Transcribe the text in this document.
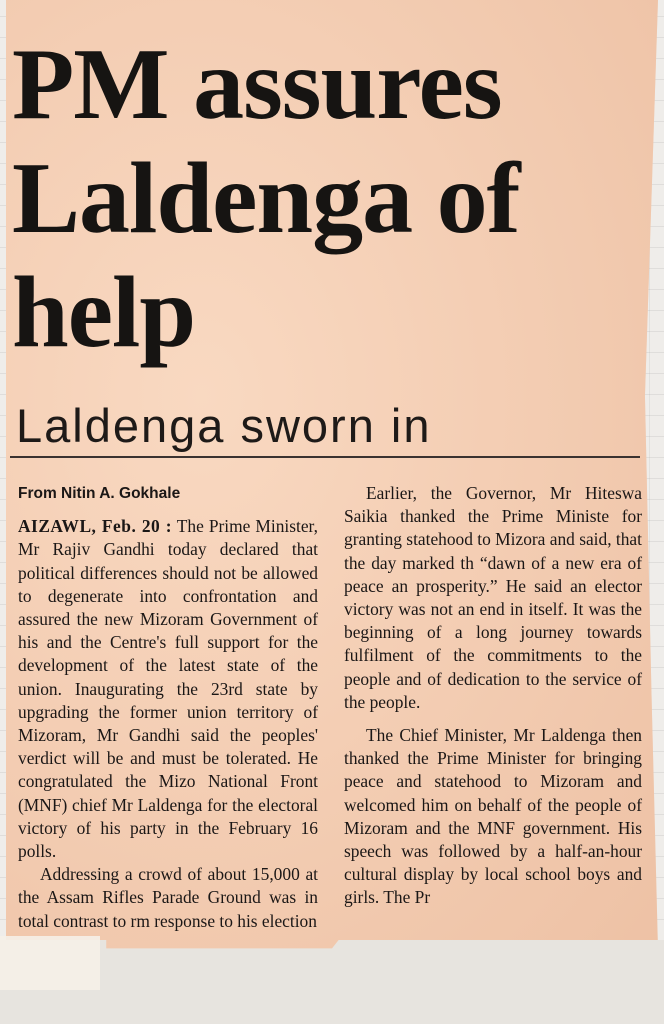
PM assures Laldenga of help
Laldenga sworn in

From Nitin A. Gokhale

AIZAWL, Feb. 20 : The Prime Minister, Mr Rajiv Gandhi today declared that political differences should not be allowed to degenerate into confrontation and assured the new Mizoram Government of his and the Centre's full support for the development of the latest state of the union. Inaugurating the 23rd state by upgrading the former union territory of Mizoram, Mr Gandhi said the peoples' verdict will be and must be tolerated. He congratulated the Mizo National Front (MNF) chief Mr Laldenga for the electoral victory of his party in the February 16 polls.

Addressing a crowd of about 15,000 at the Assam Rifles Parade Ground was in total contrast to rm response to his election

Earlier, the Governor, Mr Hiteswa Saikia thanked the Prime Ministe for granting statehood to Mizora and said, that the day marked th “dawn of a new era of peace an prosperity.” He said an elector victory was not an end in itself. It was the beginning of a long journey towards fulfilment of the commitments to the people and of dedication to the service of the people.

The Chief Minister, Mr Laldenga then thanked the Prime Minister for bringing peace and statehood to Mizoram and welcomed him on behalf of the people of Mizoram and the MNF government. His speech was followed by a half-an-hour cultural display by local school boys and girls. The Pr
